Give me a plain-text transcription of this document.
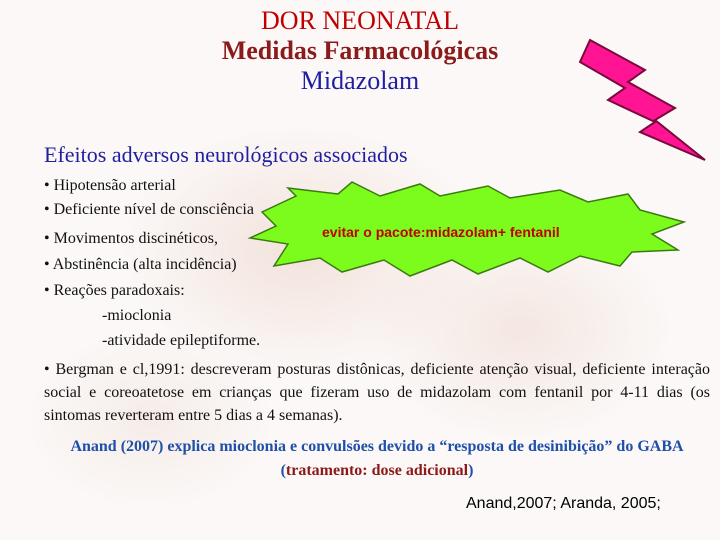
DOR NEONATAL
Medidas Farmacológicas
Midazolam
Efeitos adversos neurológicos associados
• Hipotensão arterial
• Deficiente nível de consciência
• Movimentos discinéticos,
• Abstinência (alta incidência)
• Reações paradoxais:
-mioclonia
-atividade epileptiforme.
evitar o pacote:midazolam+ fentanil
• Bergman e cl,1991: descreveram posturas distônicas, deficiente atenção visual, deficiente interação social e coreoatetose em crianças que fizeram uso de midazolam com fentanil por 4-11 dias (os sintomas reverteram entre 5 dias a 4 semanas).
Anand (2007) explica mioclonia e convulsões devido a “resposta de desinibição” do GABA (tratamento: dose adicional)
Anand,2007; Aranda, 2005;
